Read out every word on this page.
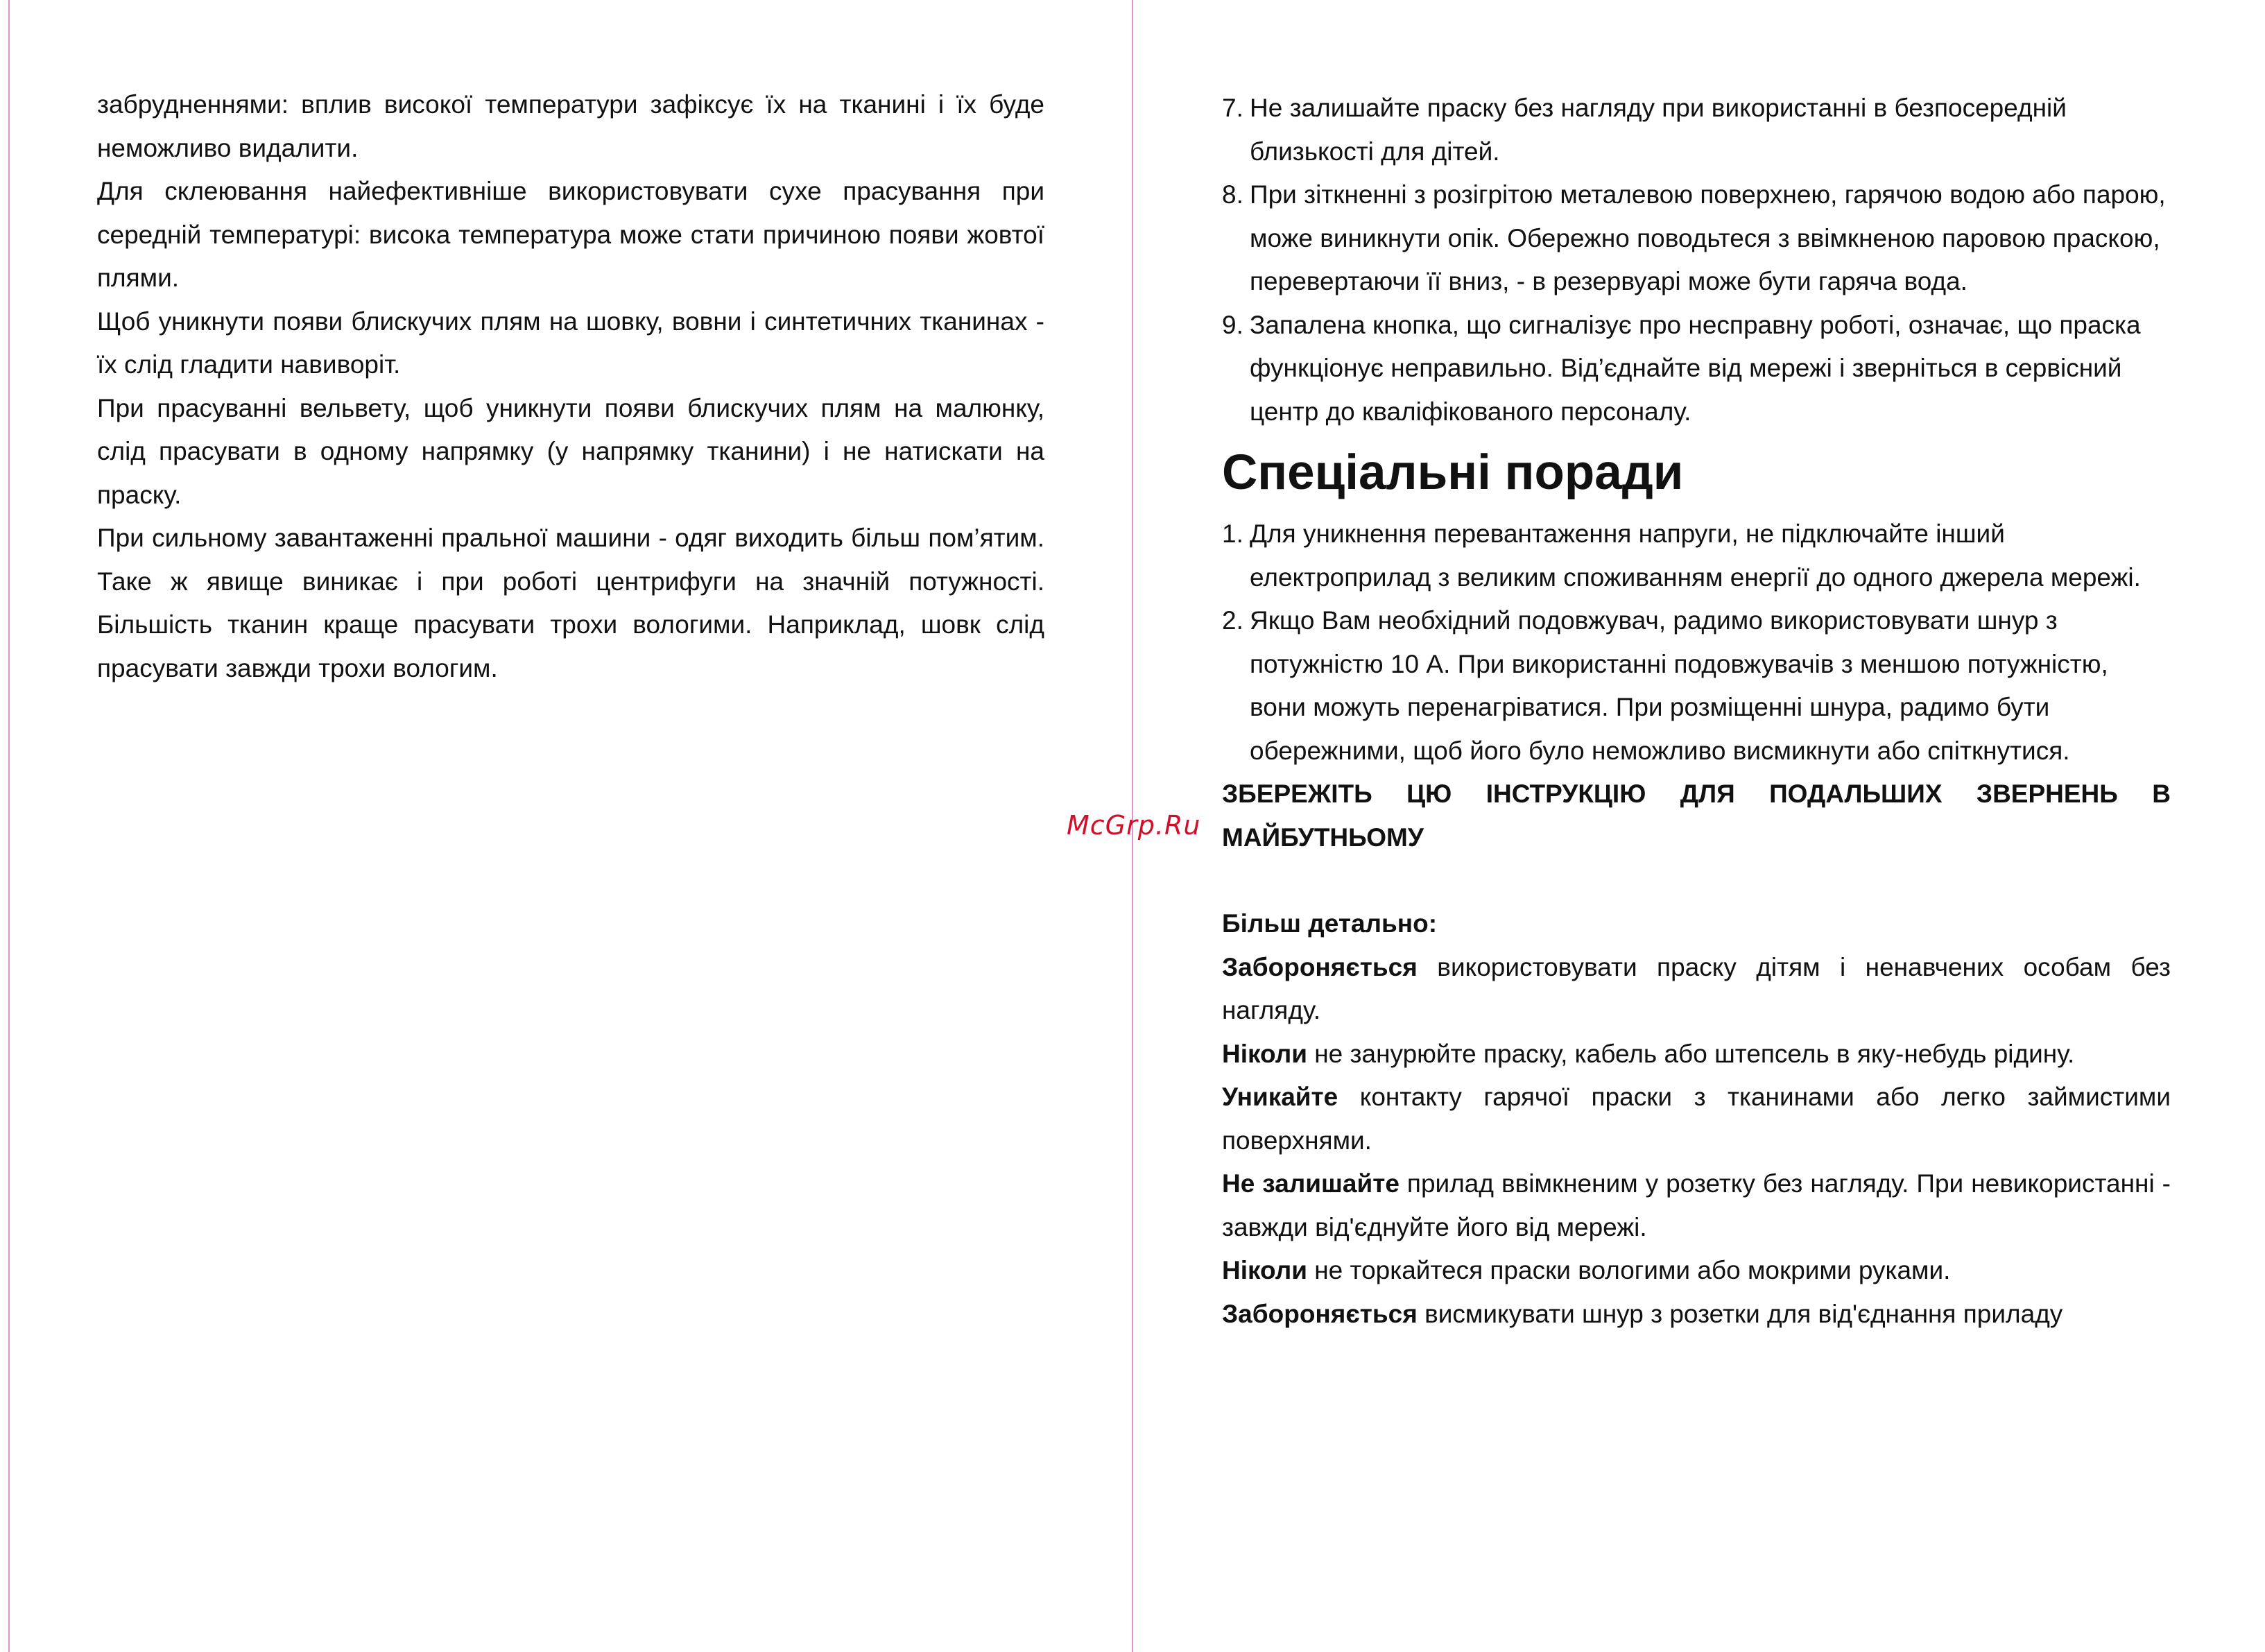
забрудненнями: вплив високої температури зафіксує їх на тканині і їх буде неможливо видалити.

Для склеювання найефективніше використовувати сухе прасування при середній температурі: висока температура може стати причиною появи жовтої плями.

Щоб уникнути появи блискучих плям на шовку, вовни і синтетичних тканинах - їх слід гладити навиворіт.

При прасуванні вельвету, щоб уникнути появи блискучих плям на малюнку, слід прасувати в одному напрямку (у напрямку тканини) і не натискати на праску.

При сильному завантаженні пральної машини - одяг виходить більш пом’ятим. Таке ж явище виникає і при роботі центрифуги на значній потужності. Більшість тканин краще прасувати трохи вологими. Наприклад, шовк слід прасувати завжди трохи вологим.

7. Не залишайте праску без нагляду при використанні в безпосередній близькості для дітей.
8. При зіткненні з розігрітою металевою поверхнею, гарячою водою або парою, може виникнути опік. Обережно поводьтеся з ввімкненою паровою праскою, перевертаючи її вниз, - в резервуарі може бути гаряча вода.
9. Запалена кнопка, що сигналізує про несправну роботі, означає, що праска функціонує неправильно. Від’єднайте від мережі і зверніться в сервісний центр до кваліфікованого персоналу.
Спеціальні поради
1. Для уникнення перевантаження напруги, не підключайте інший електроприлад з великим споживанням енергії до одного джерела мережі.
2. Якщо Вам необхідний подовжувач, радимо використовувати шнур з потужністю 10 А. При використанні подовжувачів з меншою потужністю, вони можуть перенагріватися. При розміщенні шнура, радимо бути обережними, щоб його було неможливо висмикнути або спіткнутися.

ЗБЕРЕЖІТЬ ЦЮ ІНСТРУКЦІЮ ДЛЯ ПОДАЛЬШИХ ЗВЕРНЕНЬ В МАЙБУТНЬОМУ

Більш детально:

Забороняється використовувати праску дітям і ненавчених особам без нагляду.

Ніколи не занурюйте праску, кабель або штепсель в яку-небудь рідину.

Уникайте контакту гарячої праски з тканинами або легко займистими поверхнями.

Не залишайте прилад ввімкненим у розетку без нагляду. При невикористанні - завжди від'єднуйте його від мережі.

Ніколи не торкайтеся праски вологими або мокрими руками.

Забороняється висмикувати шнур з розетки для від'єднання приладу

McGrp.Ru
